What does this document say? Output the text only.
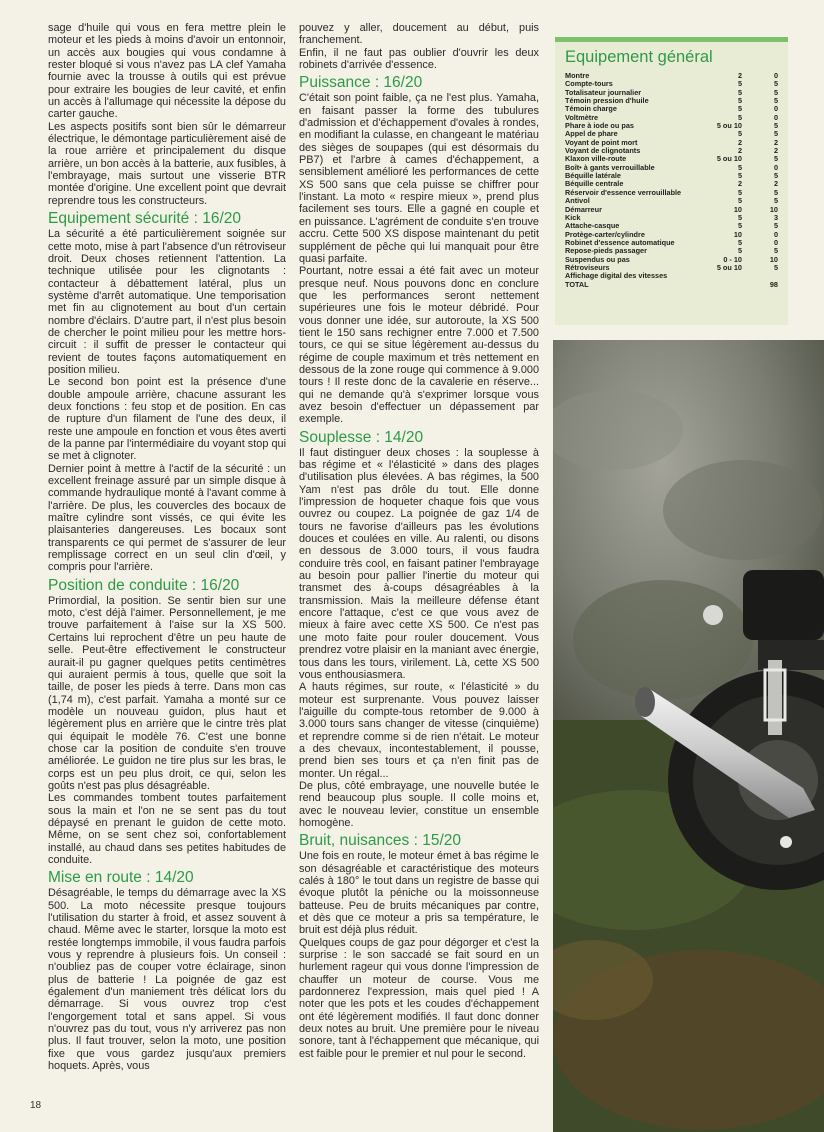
sage d'huile qui vous en fera mettre plein le moteur et les pieds à moins d'avoir un entonnoir, un accès aux bougies qui vous condamne à rester bloqué si vous n'avez pas LA clef Yamaha fournie avec la trousse à outils qui est prévue pour extraire les bougies de leur cavité, et enfin un accès à l'allumage qui nécessite la dépose du carter gauche.

Les aspects positifs sont bien sûr le démarreur électrique, le démontage particulièrement aisé de la roue arrière et principalement du disque arrière, un bon accès à la batterie, aux fusibles, à l'embrayage, mais surtout une visserie BTR montée d'origine. Une excellent point que devrait reprendre tous les constructeurs.

Equipement sécurité : 16/20

La sécurité a été particulièrement soignée sur cette moto, mise à part l'absence d'un rétroviseur droit. Deux choses retiennent l'attention. La technique utilisée pour les clignotants : contacteur à débattement latéral, plus un système d'arrêt automatique. Une temporisation met fin au clignotement au bout d'un certain nombre d'éclairs. D'autre part, il n'est plus besoin de chercher le point milieu pour les mettre hors-circuit : il suffit de presser le contacteur qui revient de toutes façons automatiquement en position milieu.

Le second bon point est la présence d'une double ampoule arrière, chacune assurant les deux fonctions : feu stop et de position. En cas de rupture d'un filament de l'une des deux, il reste une ampoule en fonction et vous êtes averti de la panne par l'intermédiaire du voyant stop qui se met à clignoter.

Dernier point à mettre à l'actif de la sécurité : un excellent freinage assuré par un simple disque à commande hydraulique monté à l'avant comme à l'arrière. De plus, les couvercles des bocaux de maître cylindre sont vissés, ce qui évite les plaisanteries dangereuses. Les bocaux sont transparents ce qui permet de s'assurer de leur remplissage correct en un seul clin d'œil, y compris pour l'arrière.

Position de conduite : 16/20

Primordial, la position. Se sentir bien sur une moto, c'est déjà l'aimer. Personnellement, je me trouve parfaitement à l'aise sur la XS 500. Certains lui reprochent d'être un peu haute de selle. Peut-être effectivement le constructeur aurait-il pu gagner quelques petits centimètres qui auraient permis à tous, quelle que soit la taille, de poser les pieds à terre. Dans mon cas (1,74 m), c'est parfait. Yamaha a monté sur ce modèle un nouveau guidon, plus haut et légèrement plus en arrière que le cintre très plat qui équipait le modèle 76. C'est une bonne chose car la position de conduite s'en trouve améliorée. Le guidon ne tire plus sur les bras, le corps est un peu plus droit, ce qui, selon les goûts n'est pas plus désagréable.

Les commandes tombent toutes parfaitement sous la main et l'on ne se sent pas du tout dépaysé en prenant le guidon de cette moto. Même, on se sent chez soi, confortablement installé, au chaud dans ses petites habitudes de conduite.

Mise en route : 14/20

Désagréable, le temps du démarrage avec la XS 500. La moto nécessite presque toujours l'utilisation du starter à froid, et assez souvent à chaud. Même avec le starter, lorsque la moto est restée longtemps immobile, il vous faudra parfois vous y reprendre à plusieurs fois. Un conseil : n'oubliez pas de couper votre éclairage, sinon plus de batterie ! La poignée de gaz est également d'un maniement très délicat lors du démarrage. Si vous ouvrez trop c'est l'engorgement total et sans appel. Si vous n'ouvrez pas du tout, vous n'y arriverez pas non plus. Il faut trouver, selon la moto, une position fixe que vous gardez jusqu'aux premiers hoquets. Après, vous

pouvez y aller, doucement au début, puis franchement.

Enfin, il ne faut pas oublier d'ouvrir les deux robinets d'arrivée d'essence.

Puissance : 16/20

C'était son point faible, ça ne l'est plus. Yamaha, en faisant passer la forme des tubulures d'admission et d'échappement d'ovales à rondes, en modifiant la culasse, en changeant le matériau des sièges de soupapes (qui est désormais du PB7) et l'arbre à cames d'échappement, a sensiblement amélioré les performances de cette XS 500 sans que cela puisse se chiffrer pour l'instant. La moto « respire mieux », prend plus facilement ses tours. Elle a gagné en couple et en puissance. L'agrément de conduite s'en trouve accru. Cette 500 XS dispose maintenant du petit supplément de pêche qui lui manquait pour être quasi parfaite.

Pourtant, notre essai a été fait avec un moteur presque neuf. Nous pouvons donc en conclure que les performances seront nettement supérieures une fois le moteur débridé. Pour vous donner une idée, sur autoroute, la XS 500 tient le 150 sans rechigner entre 7.000 et 7.500 tours, ce qui se situe légèrement au-dessus du régime de couple maximum et très nettement en dessous de la zone rouge qui commence à 9.000 tours ! Il reste donc de la cavalerie en réserve... qui ne demande qu'à s'exprimer lorsque vous avez besoin d'effectuer un dépassement par exemple.

Souplesse : 14/20

Il faut distinguer deux choses : la souplesse à bas régime et « l'élasticité » dans des plages d'utilisation plus élevées. A bas régimes, la 500 Yam n'est pas drôle du tout. Elle donne l'impression de hoqueter chaque fois que vous ouvrez ou coupez. La poignée de gaz 1/4 de tours ne favorise d'ailleurs pas les évolutions douces et coulées en ville. Au ralenti, ou disons en dessous de 3.000 tours, il vous faudra conduire très cool, en faisant patiner l'embrayage au besoin pour pallier l'inertie du moteur qui transmet des à-coups désagréables à la transmission. Mais la meilleure défense étant encore l'attaque, c'est ce que vous avez de mieux à faire avec cette XS 500. Ce n'est pas une moto faite pour rouler doucement. Vous prendrez votre plaisir en la maniant avec énergie, tous dans les tours, virilement. Là, cette XS 500 vous enthousiasmera.

A hauts régimes, sur route, « l'élasticité » du moteur est surprenante. Vous pouvez laisser l'aiguille du compte-tous retomber de 9.000 à 3.000 tours sans changer de vitesse (cinquième) et reprendre comme si de rien n'était. Le moteur a des chevaux, incontestablement, il pousse, prend bien ses tours et ça n'en finit pas de monter. Un régal...

De plus, côté embrayage, une nouvelle butée le rend beaucoup plus souple. Il colle moins et, avec le nouveau levier, constitue un ensemble homogène.

Bruit, nuisances : 15/20

Une fois en route, le moteur émet à bas régime le son désagréable et caractéristique des moteurs calés à 180° le tout dans un registre de basse qui évoque plutôt la péniche ou la moissonneuse batteuse. Peu de bruits mécaniques par contre, et dès que ce moteur a pris sa température, le bruit est déjà plus réduit.

Quelques coups de gaz pour dégorger et c'est la surprise : le son saccadé se fait sourd en un hurlement rageur qui vous donne l'impression de chauffer un moteur de course. Vous me pardonnerez l'expression, mais quel pied ! A noter que les pots et les coudes d'échappement ont été légèrement modifiés. Il faut donc donner deux notes au bruit. Une première pour le niveau sonore, tant à l'échappement que mécanique, qui est faible pour le premier et nul pour le second.

Equipement général
Montre	2	0
Compte-tours	5	5
Totalisateur journalier	5	5
Témoin pression d'huile	5	5
Témoin charge	5	0
Voltmètre	5	0
Phare à iode ou pas	5 ou 10	5
Appel de phare	5	5
Voyant de point mort	2	2
Voyant de clignotants	2	2
Klaxon ville-route	5 ou 10	5
Boît• à gants verrouillable	5	0
Béquille latérale	5	5
Béquille centrale	2	2
Réservoir d'essence verrouillable	5	5
Antivol	5	5
Démarreur	10	10
Kick	5	3
Attache-casque	5	5
Protège-carter/cylindre	10	0
Robinet d'essence automatique	5	0
Repose-pieds passager	5	5
Suspendus ou pas	0 - 10	10
Rétroviseurs	5 ou 10	5
Affichage digital des vitesses
TOTAL	98
18
